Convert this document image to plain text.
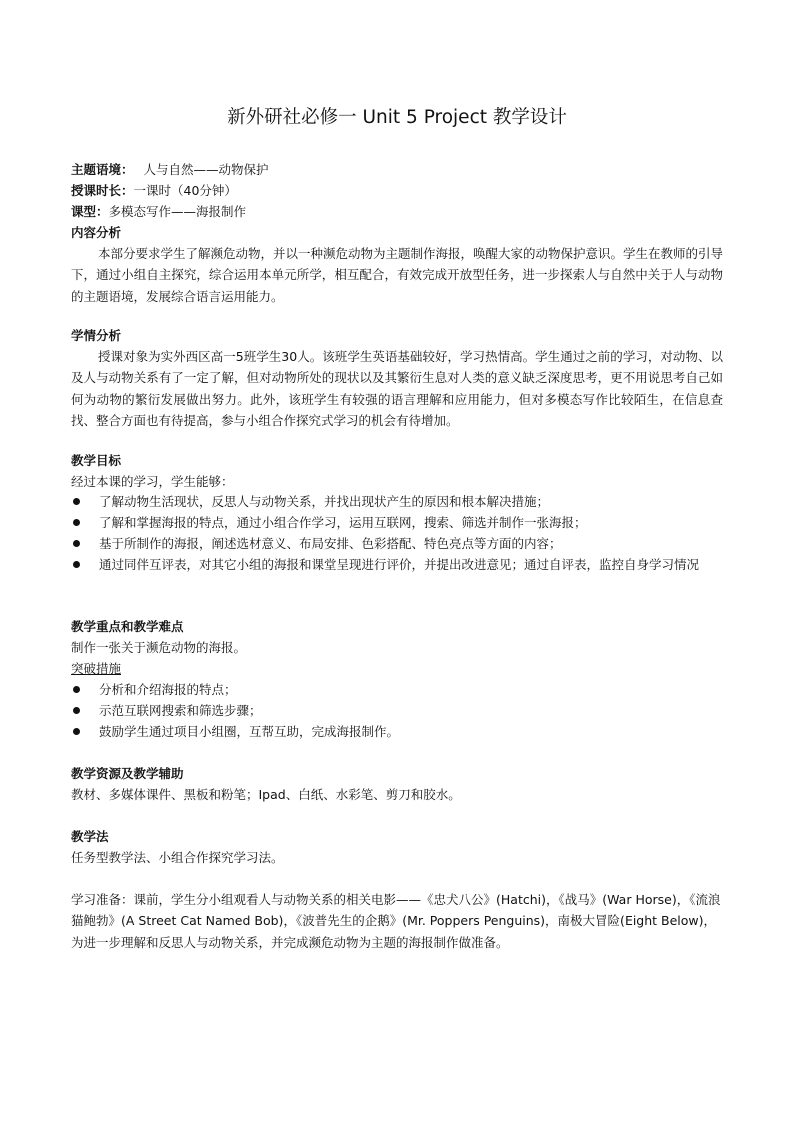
新外研社必修一 Unit 5 Project 教学设计
主题语境： 人与自然——动物保护
授课时长：一课时（40分钟）
课型：多模态写作——海报制作
内容分析

本部分要求学生了解濒危动物，并以一种濒危动物为主题制作海报，唤醒大家的动物保护意识。学生在教师的引导下，通过小组自主探究，综合运用本单元所学，相互配合，有效完成开放型任务，进一步探索人与自然中关于人与动物的主题语境，发展综合语言运用能力。

学情分析

授课对象为实外西区高一5班学生30人。该班学生英语基础较好，学习热情高。学生通过之前的学习，对动物、以及人与动物关系有了一定了解，但对动物所处的现状以及其繁衍生息对人类的意义缺乏深度思考，更不用说思考自己如何为动物的繁衍发展做出努力。此外，该班学生有较强的语言理解和应用能力，但对多模态写作比较陌生，在信息查找、整合方面也有待提高，参与小组合作探究式学习的机会有待增加。

教学目标
经过本课的学习，学生能够：
了解动物生活现状，反思人与动物关系，并找出现状产生的原因和根本解决措施；
了解和掌握海报的特点，通过小组合作学习，运用互联网，搜索、筛选并制作一张海报；
基于所制作的海报，阐述选材意义、布局安排、色彩搭配、特色亮点等方面的内容；
通过同伴互评表，对其它小组的海报和课堂呈现进行评价，并提出改进意见；通过自评表，监控自身学习情况
教学重点和教学难点
制作一张关于濒危动物的海报。
突破措施
分析和介绍海报的特点；
示范互联网搜索和筛选步骤；
鼓励学生通过项目小组圈，互帮互助，完成海报制作。
教学资源及教学辅助
教材、多媒体课件、黑板和粉笔；Ipad、白纸、水彩笔、剪刀和胶水。
教学法
任务型教学法、小组合作探究学习法。
学习准备：课前，学生分小组观看人与动物关系的相关电影——《忠犬八公》(Hatchi)，《战马》(War Horse)，《流浪猫鲍勃》(A Street Cat Named Bob)，《波普先生的企鹅》(Mr. Poppers Penguins)，南极大冒险(Eight Below)，为进一步理解和反思人与动物关系，并完成濒危动物为主题的海报制作做准备。
